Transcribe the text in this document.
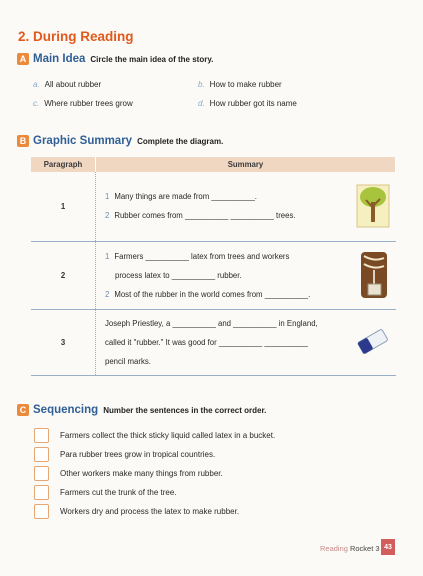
2. During Reading
A Main Idea Circle the main idea of the story.
a. All about rubber	b. How to make rubber
c. Where rubber trees grow	d. How rubber got its name
B Graphic Summary Complete the diagram.
Paragraph	Summary
1	1 Many things are made from __________.
2 Rubber comes from __________ __________ trees.

2	1 Farmers __________ latex from trees and workers
process latex to __________ rubber.
2 Most of the rubber in the world comes from __________.

3	Joseph Priestley, a __________ and __________ in England,
called it "rubber." It was good for __________ __________
pencil marks.
C Sequencing Number the sentences in the correct order.
Farmers collect the thick sticky liquid called latex in a bucket.
Para rubber trees grow in tropical countries.
Other workers make many things from rubber.
Farmers cut the trunk of the tree.
Workers dry and process the latex to make rubber.
Reading Rocket 3 43
